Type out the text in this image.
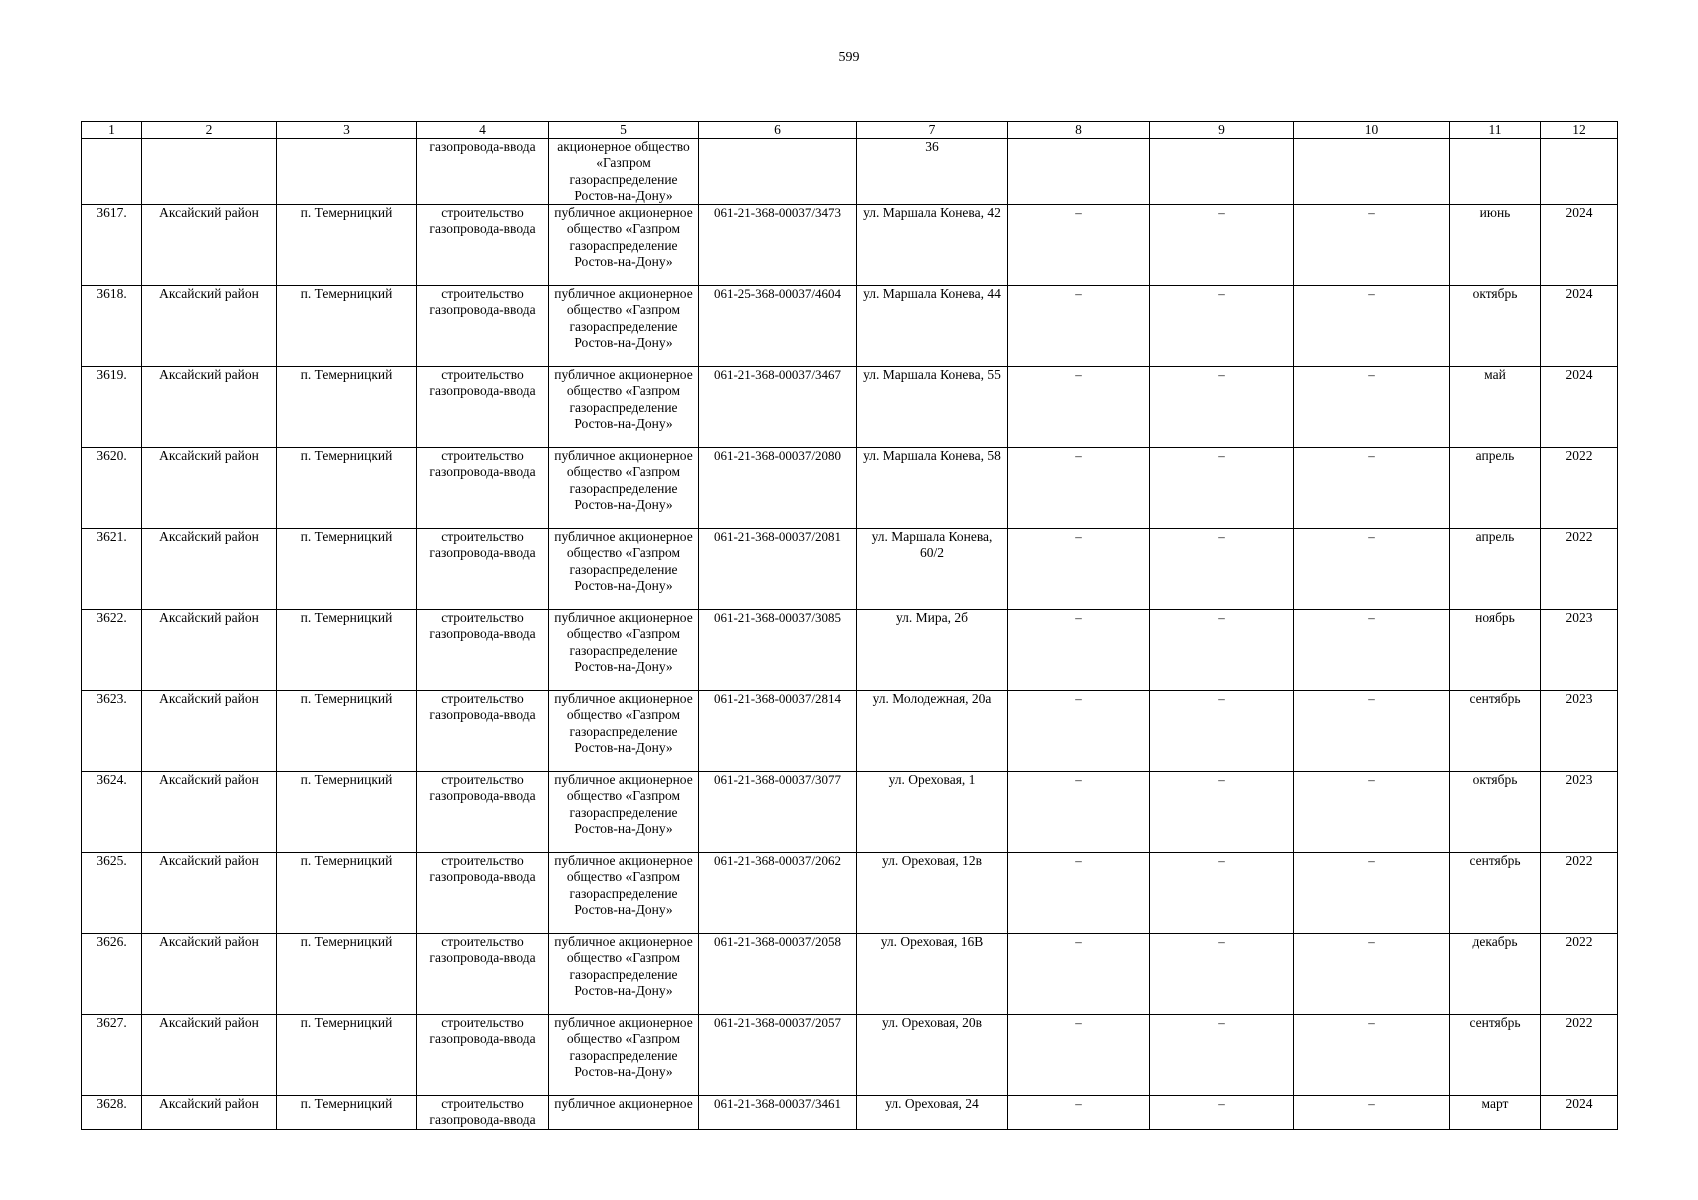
599
1	2	3	4	5	6	7	8	9	10	11	12
			газопровода-ввода	акционерное общество «Газпром газораспределение Ростов-на-Дону»		36					
3617.	Аксайский район	п. Темерницкий	строительство газопровода-ввода	публичное акционерное общество «Газпром газораспределение Ростов-на-Дону»	061-21-368-00037/3473	ул. Маршала Конева, 42	–	–	–	июнь	2024
3618.	Аксайский район	п. Темерницкий	строительство газопровода-ввода	публичное акционерное общество «Газпром газораспределение Ростов-на-Дону»	061-25-368-00037/4604	ул. Маршала Конева, 44	–	–	–	октябрь	2024
3619.	Аксайский район	п. Темерницкий	строительство газопровода-ввода	публичное акционерное общество «Газпром газораспределение Ростов-на-Дону»	061-21-368-00037/3467	ул. Маршала Конева, 55	–	–	–	май	2024
3620.	Аксайский район	п. Темерницкий	строительство газопровода-ввода	публичное акционерное общество «Газпром газораспределение Ростов-на-Дону»	061-21-368-00037/2080	ул. Маршала Конева, 58	–	–	–	апрель	2022
3621.	Аксайский район	п. Темерницкий	строительство газопровода-ввода	публичное акционерное общество «Газпром газораспределение Ростов-на-Дону»	061-21-368-00037/2081	ул. Маршала Конева, 60/2	–	–	–	апрель	2022
3622.	Аксайский район	п. Темерницкий	строительство газопровода-ввода	публичное акционерное общество «Газпром газораспределение Ростов-на-Дону»	061-21-368-00037/3085	ул. Мира, 2б	–	–	–	ноябрь	2023
3623.	Аксайский район	п. Темерницкий	строительство газопровода-ввода	публичное акционерное общество «Газпром газораспределение Ростов-на-Дону»	061-21-368-00037/2814	ул. Молодежная, 20а	–	–	–	сентябрь	2023
3624.	Аксайский район	п. Темерницкий	строительство газопровода-ввода	публичное акционерное общество «Газпром газораспределение Ростов-на-Дону»	061-21-368-00037/3077	ул. Ореховая, 1	–	–	–	октябрь	2023
3625.	Аксайский район	п. Темерницкий	строительство газопровода-ввода	публичное акционерное общество «Газпром газораспределение Ростов-на-Дону»	061-21-368-00037/2062	ул. Ореховая, 12в	–	–	–	сентябрь	2022
3626.	Аксайский район	п. Темерницкий	строительство газопровода-ввода	публичное акционерное общество «Газпром газораспределение Ростов-на-Дону»	061-21-368-00037/2058	ул. Ореховая, 16В	–	–	–	декабрь	2022
3627.	Аксайский район	п. Темерницкий	строительство газопровода-ввода	публичное акционерное общество «Газпром газораспределение Ростов-на-Дону»	061-21-368-00037/2057	ул. Ореховая, 20в	–	–	–	сентябрь	2022
3628.	Аксайский район	п. Темерницкий	строительство газопровода-ввода	публичное акционерное	061-21-368-00037/3461	ул. Ореховая, 24	–	–	–	март	2024
